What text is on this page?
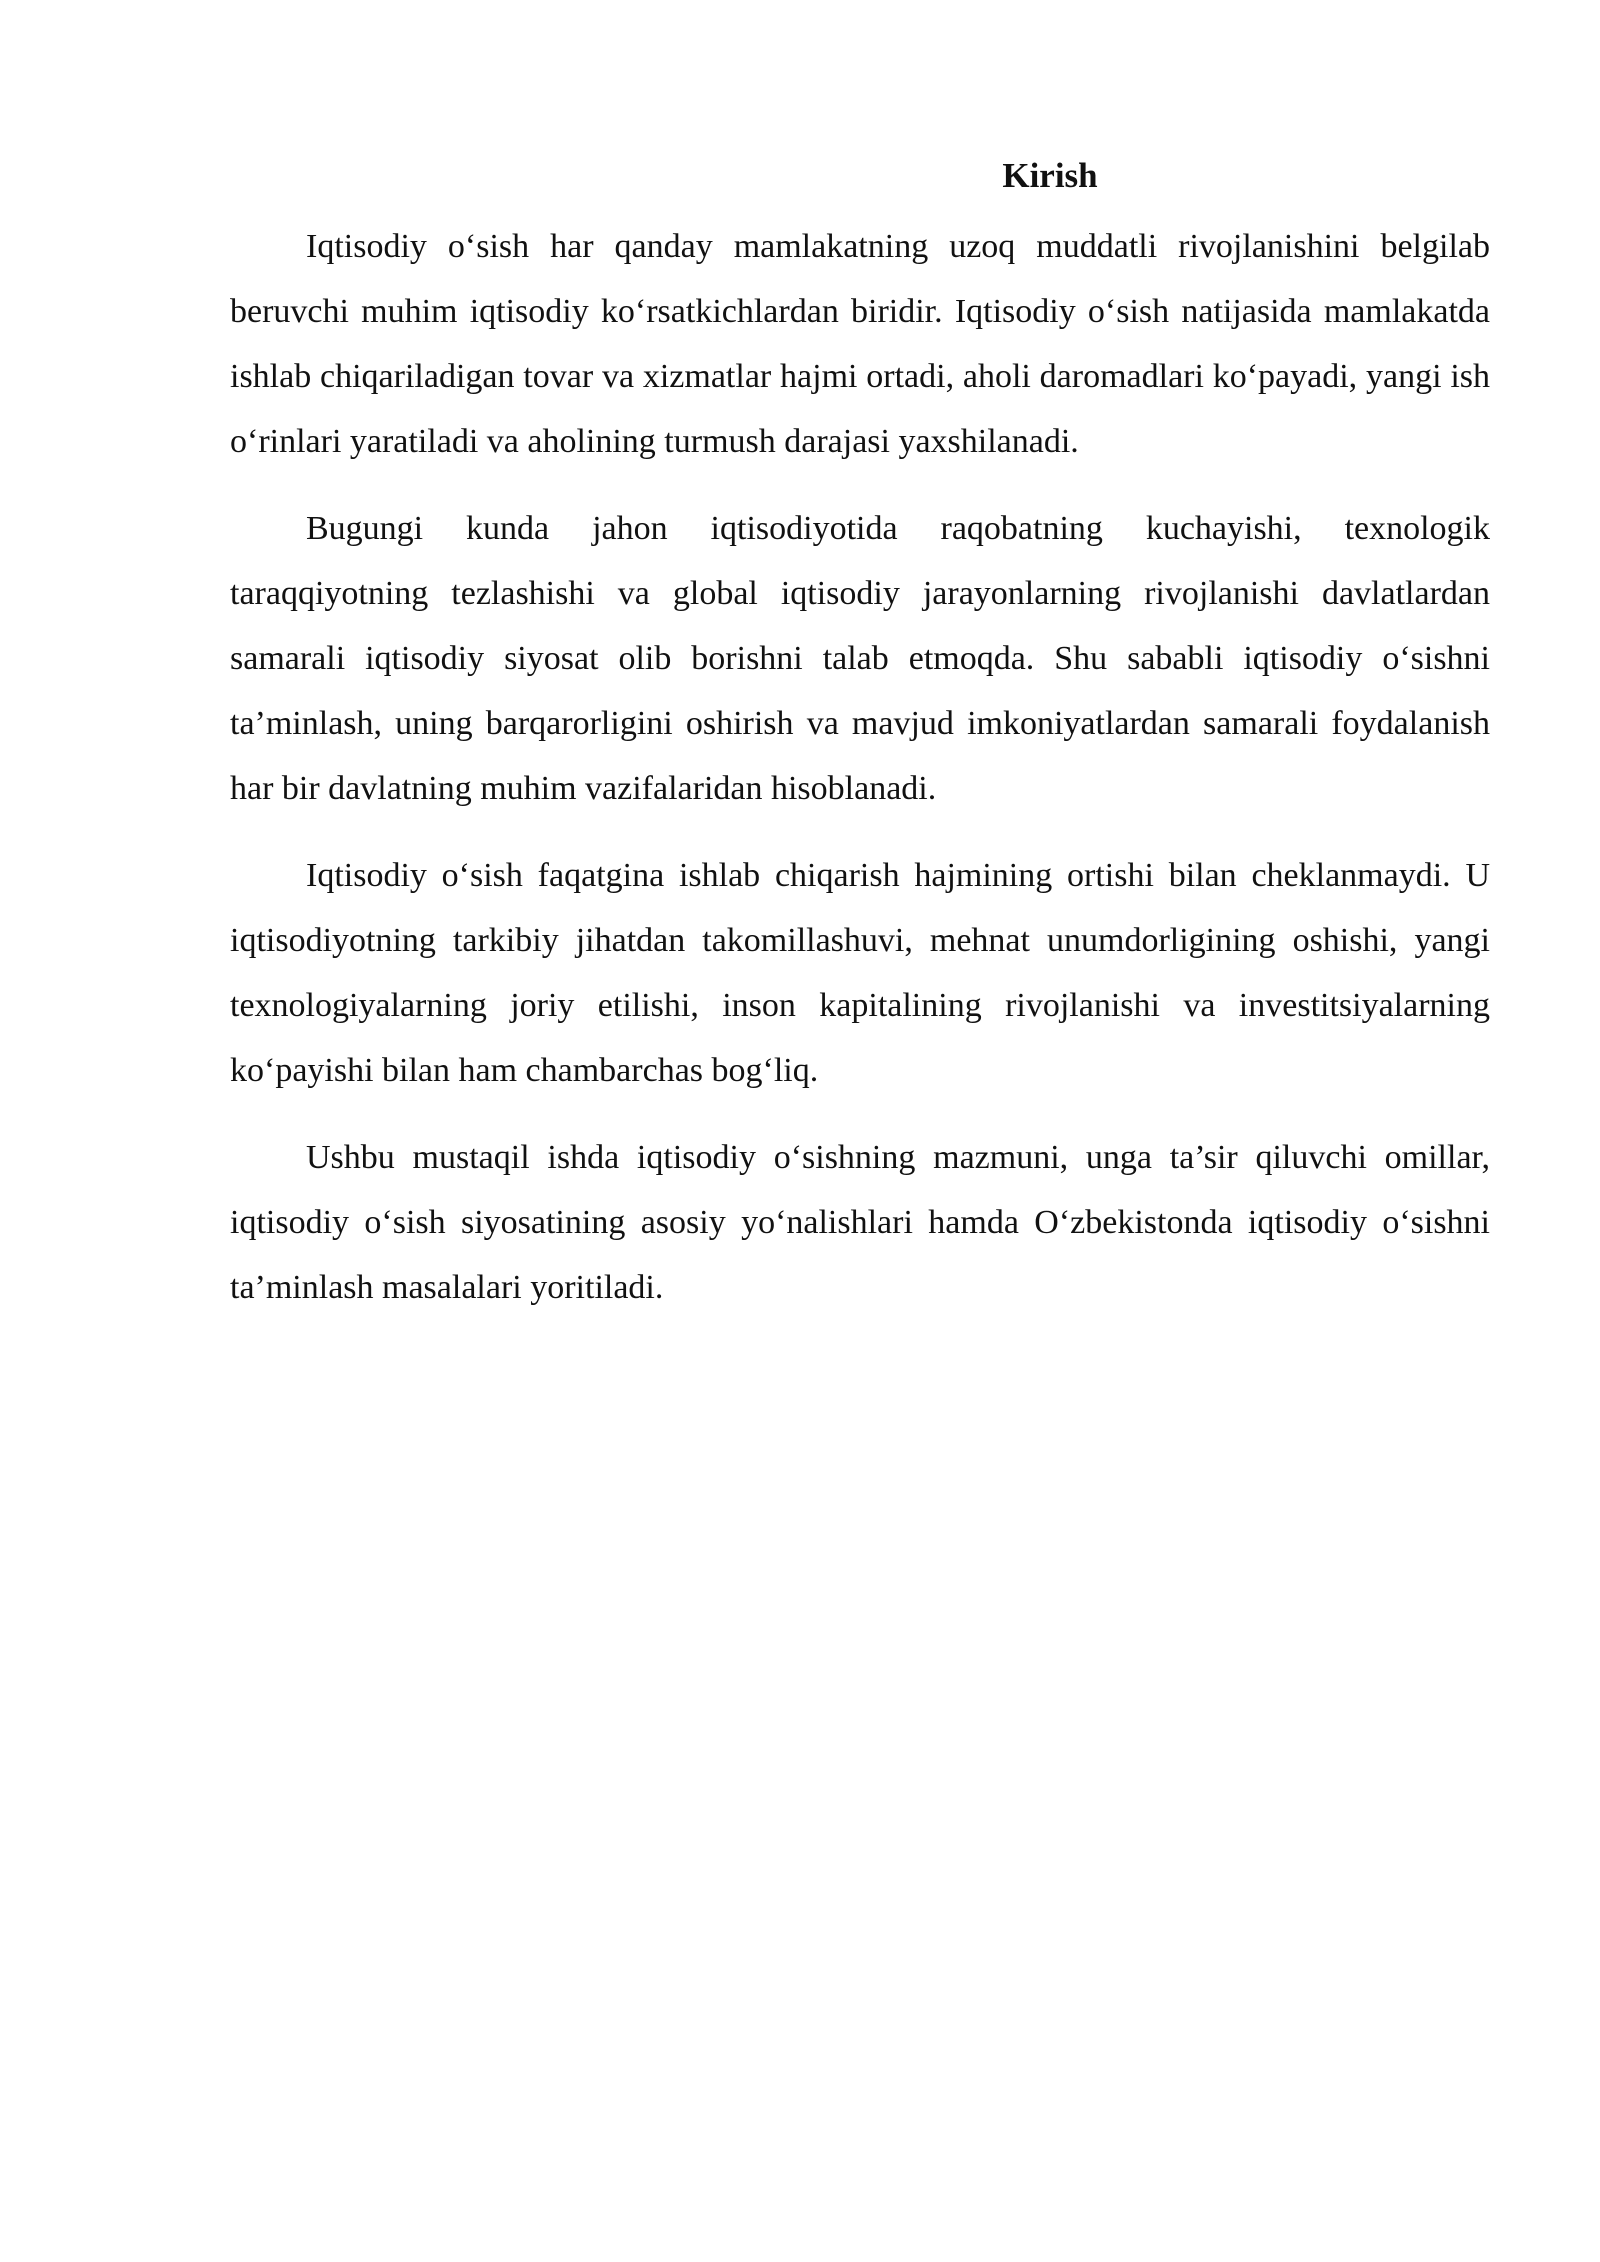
Kirish

Iqtisodiy o‘sish har qanday mamlakatning uzoq muddatli rivojlanishini belgilab beruvchi muhim iqtisodiy ko‘rsatkichlardan biridir. Iqtisodiy o‘sish natijasida mamlakatda ishlab chiqariladigan tovar va xizmatlar hajmi ortadi, aholi daromadlari ko‘payadi, yangi ish o‘rinlari yaratiladi va aholining turmush darajasi yaxshilanadi.

Bugungi kunda jahon iqtisodiyotida raqobatning kuchayishi, texnologik taraqqiyotning tezlashishi va global iqtisodiy jarayonlarning rivojlanishi davlatlardan samarali iqtisodiy siyosat olib borishni talab etmoqda. Shu sababli iqtisodiy o‘sishni ta’minlash, uning barqarorligini oshirish va mavjud imkoniyatlardan samarali foydalanish har bir davlatning muhim vazifalaridan hisoblanadi.

Iqtisodiy o‘sish faqatgina ishlab chiqarish hajmining ortishi bilan cheklanmaydi. U iqtisodiyotning tarkibiy jihatdan takomillashuvi, mehnat unumdorligining oshishi, yangi texnologiyalarning joriy etilishi, inson kapitalining rivojlanishi va investitsiyalarning ko‘payishi bilan ham chambarchas bog‘liq.

Ushbu mustaqil ishda iqtisodiy o‘sishning mazmuni, unga ta’sir qiluvchi omillar, iqtisodiy o‘sish siyosatining asosiy yo‘nalishlari hamda O‘zbekistonda iqtisodiy o‘sishni ta’minlash masalalari yoritiladi.
